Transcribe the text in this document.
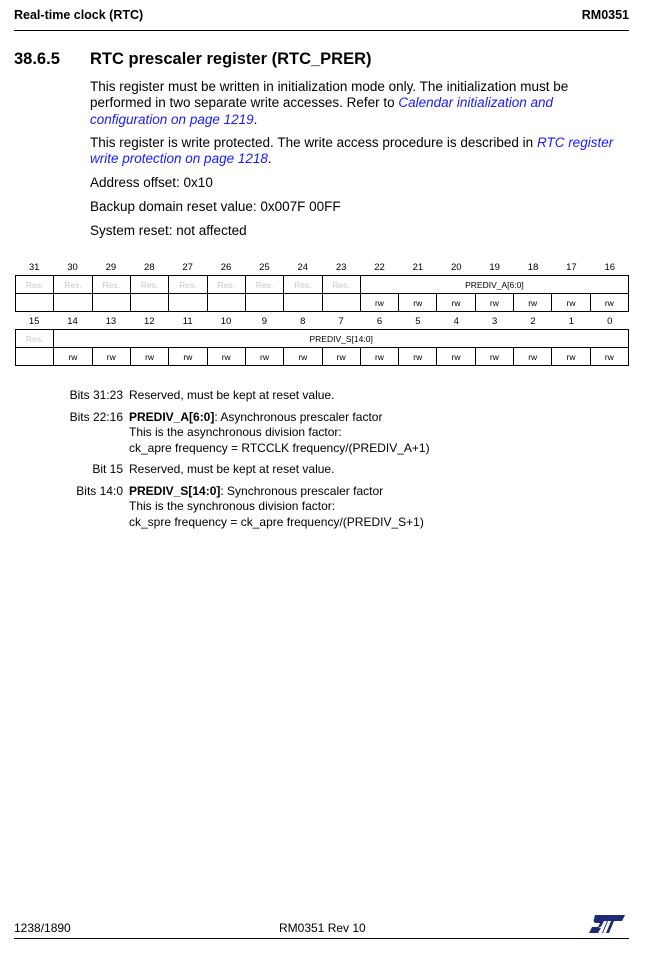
Real-time clock (RTC)	RM0351
38.6.5	RTC prescaler register (RTC_PRER)

This register must be written in initialization mode only. The initialization must be performed in two separate write accesses. Refer to Calendar initialization and configuration on page 1219.

This register is write protected. The write access procedure is described in RTC register write protection on page 1218.

Address offset: 0x10
Backup domain reset value: 0x007F 00FF
System reset: not affected
31	30	29	28	27	26	25	24	23	22	21	20	19	18	17	16
Res.	Res.	Res.	Res.	Res.	Res.	Res.	Res.	Res.	PREDIV_A[6:0]						
									rw	rw	rw	rw	rw	rw	rw
15	14	13	12	11	10	9	8	7	6	5	4	3	2	1	0
Res.	PREDIV_S[14:0]														
	rw	rw	rw	rw	rw	rw	rw	rw	rw	rw	rw	rw	rw	rw	rw
Bits 31:23 Reserved, must be kept at reset value.
Bits 22:16 PREDIV_A[6:0]: Asynchronous prescaler factor
This is the asynchronous division factor:
ck_apre frequency = RTCCLK frequency/(PREDIV_A+1)
Bit 15 Reserved, must be kept at reset value.
Bits 14:0 PREDIV_S[14:0]: Synchronous prescaler factor
This is the synchronous division factor:
ck_spre frequency = ck_apre frequency/(PREDIV_S+1)
1238/1890	RM0351 Rev 10
